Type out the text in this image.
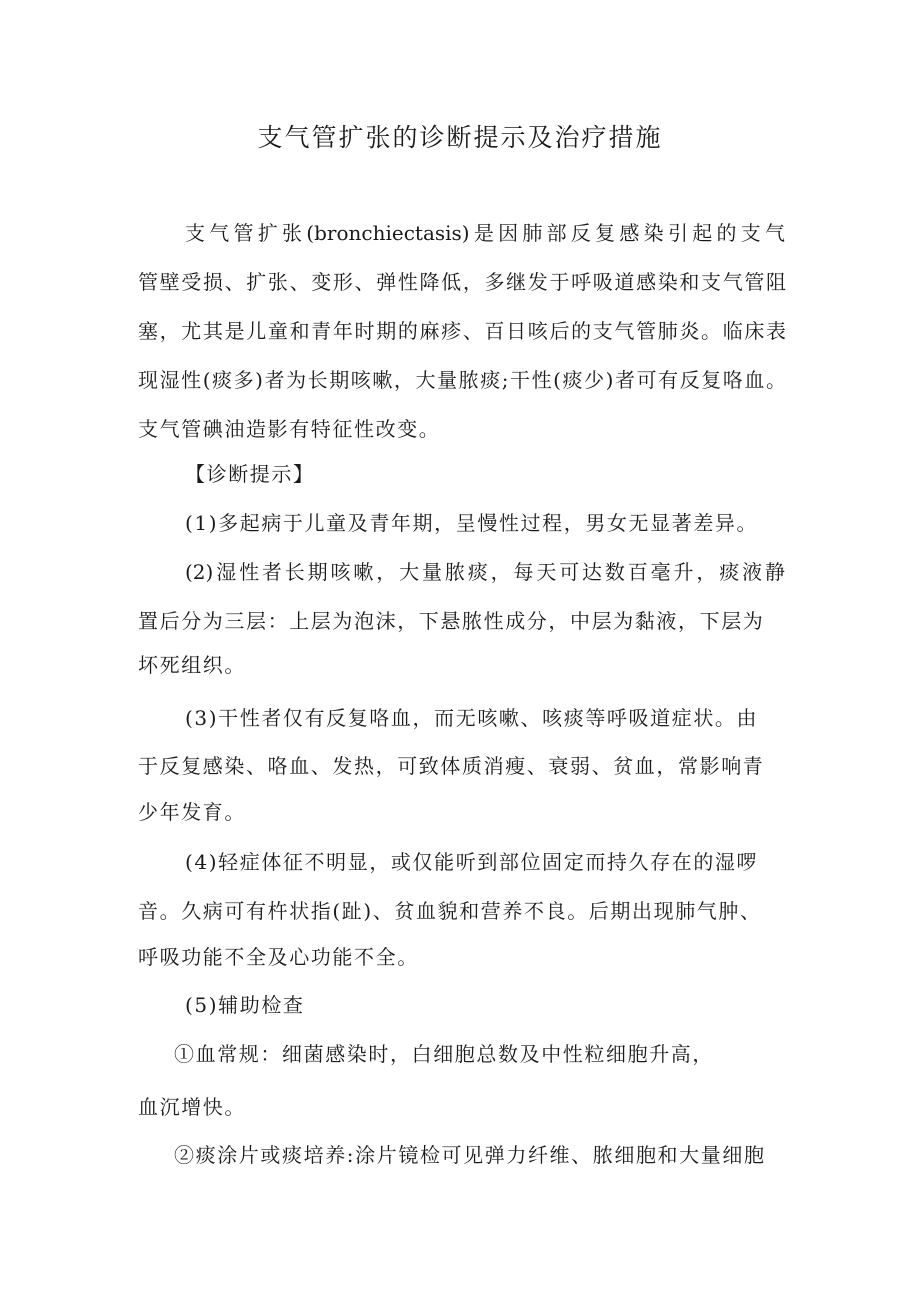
支气管扩张的诊断提示及治疗措施
支气管扩张(bronchiectasis)是因肺部反复感染引起的支气
管壁受损、扩张、变形、弹性降低，多继发于呼吸道感染和支气管阻
塞，尤其是儿童和青年时期的麻疹、百日咳后的支气管肺炎。临床表
现湿性(痰多)者为长期咳嗽，大量脓痰;干性(痰少)者可有反复咯血。
支气管碘油造影有特征性改变。
【诊断提示】
(1)多起病于儿童及青年期，呈慢性过程，男女无显著差异。
(2)湿性者长期咳嗽，大量脓痰，每天可达数百毫升，痰液静
置后分为三层：上层为泡沫，下悬脓性成分，中层为黏液，下层为
坏死组织。
(3)干性者仅有反复咯血，而无咳嗽、咳痰等呼吸道症状。由
于反复感染、咯血、发热，可致体质消瘦、衰弱、贫血，常影响青
少年发育。
(4)轻症体征不明显，或仅能听到部位固定而持久存在的湿啰
音。久病可有杵状指(趾)、贫血貌和营养不良。后期出现肺气肿、
呼吸功能不全及心功能不全。
(5)辅助检查
①血常规：细菌感染时，白细胞总数及中性粒细胞升高，
血沉增快。
②痰涂片或痰培养:涂片镜检可见弹力纤维、脓细胞和大量细胞
